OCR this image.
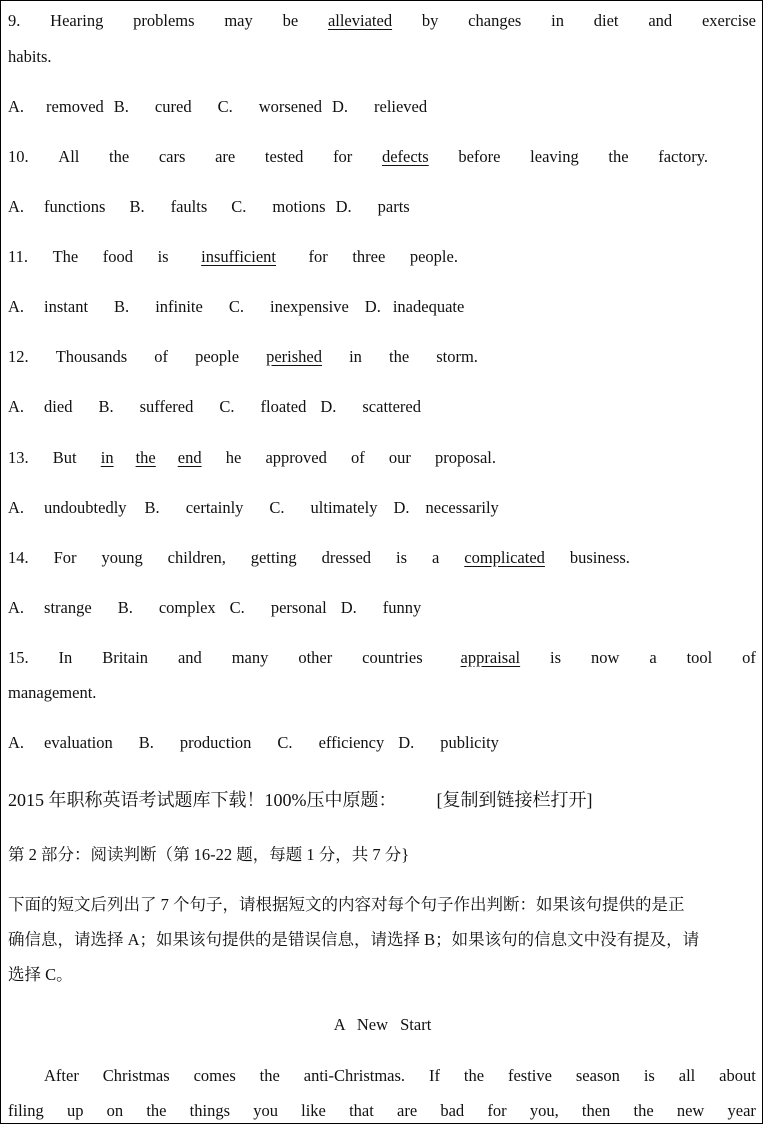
9. Hearing problems may be alleviated by changes in diet and exercise
habits.
A. removed B. cured C. worsened D. relieved
10. All the cars are tested for defects before leaving the factory.
A. functions B. faults C. motions D. parts
11. The food is	insufficient	for three people.
A. instant B. infinite C. inexpensive D. inadequate
12. Thousands of people perished in the storm.
A. died B. suffered C. floated D. scattered
13. But in the end he approved of our proposal.
A. undoubtedly B. certainly C. ultimately D. necessarily
14. For young children, getting dressed is a complicated business.
A. strange B. complex C. personal D. funny
15. In Britain and many other countries	appraisal is now a tool of
management.
A. evaluation B. production C. efficiency D. publicity
2015 年职称英语考试题库下载！100%压中原题： [复制到链接栏打开]
第 2 部分：阅读判断（第 16-22 题，每题 1 分，共 7 分}
下面的短文后列出了 7 个句子，请根据短文的内容对每个句子作出判断：如果该句提供的是正
确信息，请选择 A；如果该句提供的是错误信息，请选择 B；如果该句的信息文中没有提及，请
选择 C。
A New Start
After Christmas comes the anti-Christmas. If the festive season is all about
filing up on the things you like that are bad for you, then the new year
